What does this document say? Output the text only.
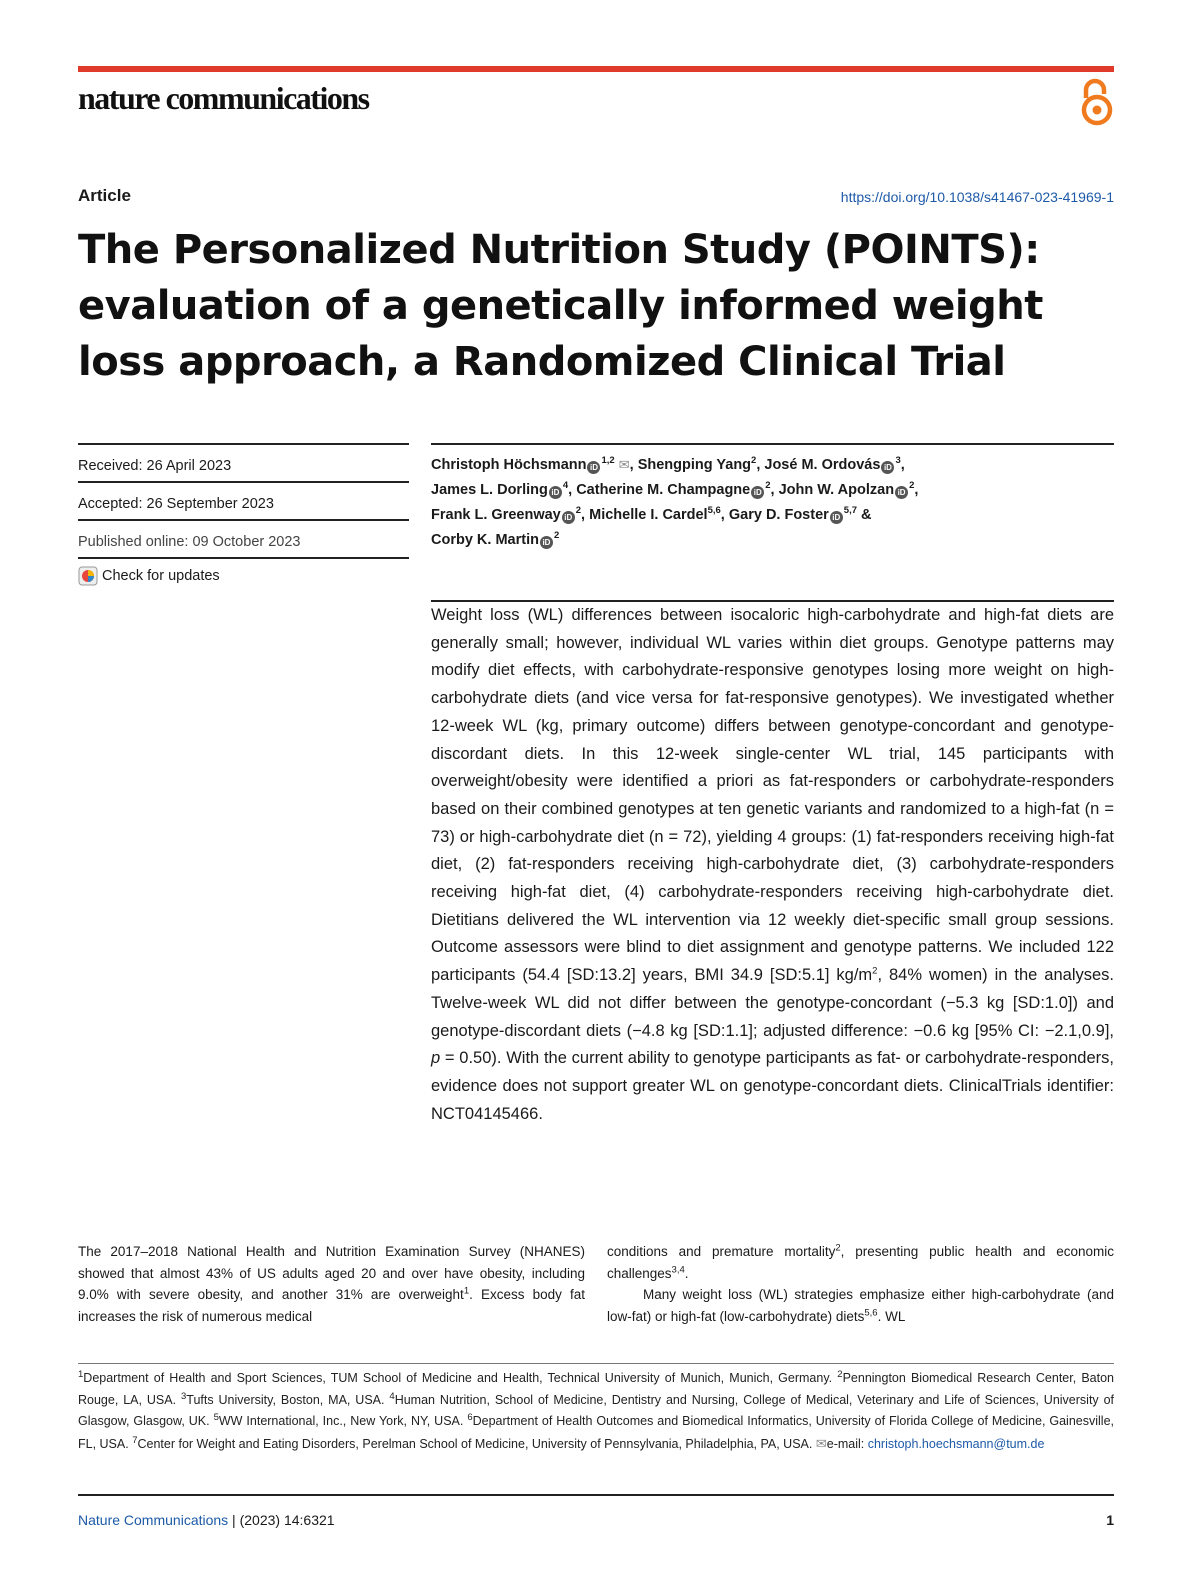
nature communications
Article	https://doi.org/10.1038/s41467-023-41969-1
The Personalized Nutrition Study (POINTS): evaluation of a genetically informed weight loss approach, a Randomized Clinical Trial
Received: 26 April 2023
Accepted: 26 September 2023
Published online: 09 October 2023
Check for updates
Christoph Höchsmann iD$^{1,2}$ ✉, Shengping Yang$^2$, José M. Ordovás $iD^3$,
James L. Dorling $iD^4$, Catherine M. Champagne $iD^2$, John W. Apolzan $iD^2$,
Frank L. Greenway $iD^2$, Michelle I. Cardel$^{5,6}$, Gary D. Foster iD$^{5,7}$ &
Corby K. Martin $iD^2$

Weight loss (WL) differences between isocaloric high-carbohydrate and high-fat diets are generally small; however, individual WL varies within diet groups. Genotype patterns may modify diet effects, with carbohydrate-responsive genotypes losing more weight on high-carbohydrate diets (and vice versa for fat-responsive genotypes). We investigated whether 12-week WL (kg, primary outcome) differs between genotype-concordant and genotype-discordant diets. In this 12-week single-center WL trial, 145 participants with overweight/obesity were identified a priori as fat-responders or carbohydrate-responders based on their combined genotypes at ten genetic variants and randomized to a high-fat (n = 73) or high-carbohydrate diet (n = 72), yielding 4 groups: (1) fat-responders receiving high-fat diet, (2) fat-responders receiving high-carbohydrate diet, (3) carbohydrate-responders receiving high-fat diet, (4) carbohydrate-responders receiving high-carbohydrate diet. Dietitians delivered the WL intervention via 12 weekly diet-specific small group sessions. Outcome assessors were blind to diet assignment and genotype patterns. We included 122 participants (54.4 [SD:13.2] years, BMI 34.9 [SD:5.1] $kg/m^2$, 84% women) in the analyses. Twelve-week WL did not differ between the genotype-concordant (−5.3 kg [SD:1.0]) and genotype-discordant diets (−4.8 kg [SD:1.1]; adjusted difference: −0.6 kg [95% CI: −2.1,0.9], p = 0.50). With the current ability to genotype participants as fat- or carbohydrate-responders, evidence does not support greater WL on genotype-concordant diets. ClinicalTrials identifier: NCT04145466.

The 2017–2018 National Health and Nutrition Examination Survey (NHANES) showed that almost 43% of US adults aged 20 and over have obesity, including 9.0% with severe obesity, and another 31% are overweight$^1$. Excess body fat increases the risk of numerous medical

conditions and premature mortality$^2$, presenting public health and economic challenges$^{3,4}$.

Many weight loss (WL) strategies emphasize either high-carbohydrate (and low-fat) or high-fat (low-carbohydrate) diets$^{5,6}$. WL

$^1$Department of Health and Sport Sciences, TUM School of Medicine and Health, Technical University of Munich, Munich, Germany. $^2$Pennington Biomedical Research Center, Baton Rouge, LA, USA. $^3$Tufts University, Boston, MA, USA. $^4$Human Nutrition, School of Medicine, Dentistry and Nursing, College of Medical, Veterinary and Life of Sciences, University of Glasgow, Glasgow, UK. $^5$WW International, Inc., New York, NY, USA. $^6$Department of Health Outcomes and Biomedical Informatics, University of Florida College of Medicine, Gainesville, FL, USA. $^7$Center for Weight and Eating Disorders, Perelman School of Medicine, University of Pennsylvania, Philadelphia, PA, USA. ✉e-mail: christoph.hoechsmann@tum.de

Nature Communications | (2023) 14:6321	1
